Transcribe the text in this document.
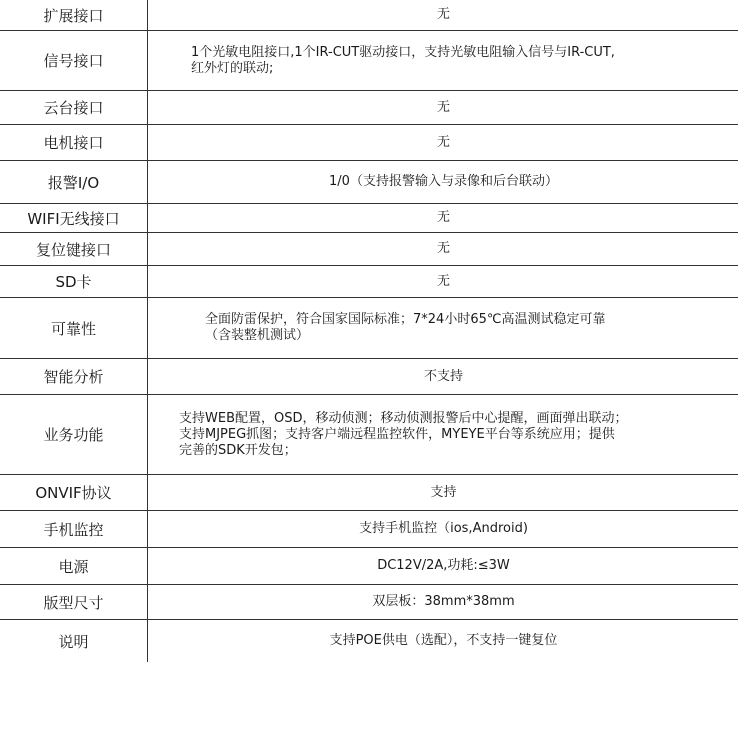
扩展接口	无
信号接口	1个光敏电阻接口,1个IR-CUT驱动接口，支持光敏电阻输入信号与IR-CUT,
红外灯的联动;
云台接口	无
电机接口	无
报警I/O	1/0（支持报警输入与录像和后台联动）
WIFI无线接口	无
复位键接口	无
SD卡	无
可靠性	全面防雷保护，符合国家国际标准；7*24小时65℃高温测试稳定可靠
（含装整机测试）
智能分析	不支持
业务功能
支持WEB配置，OSD，移动侦测；移动侦测报警后中心提醒，画面弹出联动；
支持MJPEG抓图；支持客户端远程监控软件，MYEYE平台等系统应用；提供
完善的SDK开发包；
ONVIF协议	支持
手机监控	支持手机监控（ios,Android)
电源	DC12V/2A,功耗:≤3W
版型尺寸	双层板：38mm*38mm
说明	支持POE供电（选配），不支持一键复位
